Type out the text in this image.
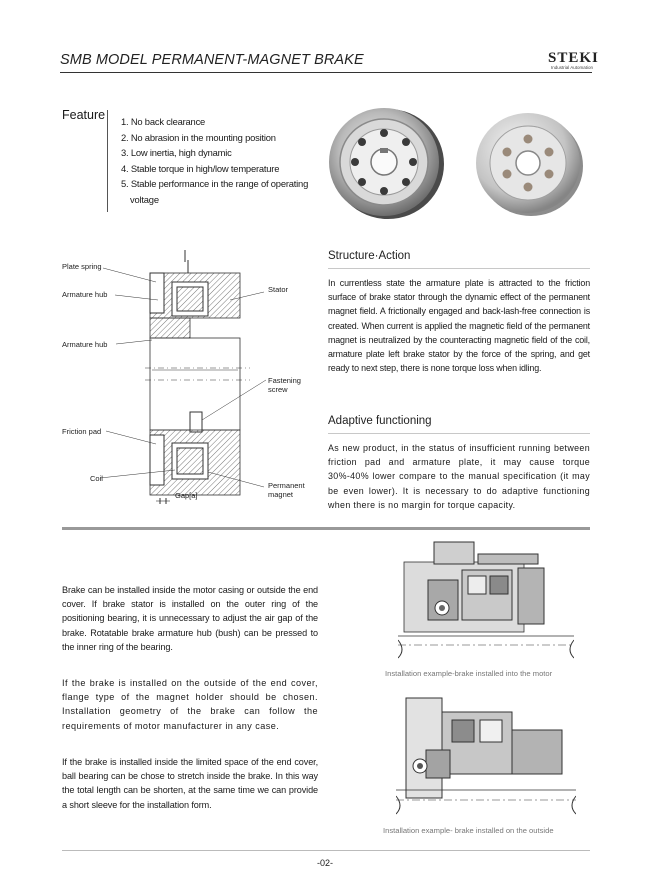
SMB MODEL PERMANENT-MAGNET BRAKE	STEKI
Industrial Automation
Feature 1. No back clearance
2. No abrasion in the mounting position
3. Low inertia, high dynamic
4. Stable torque in high/low temperature
5. Stable performance in the range of operating
voltage
Structure·Action
In currentless state the armature plate is attracted to the friction surface of brake stator through the dynamic effect of the permanent magnet field. A frictionally engaged and back-lash-free connection is created. When current is applied the magnetic field of the permanent magnet is neutralized by the counteracting magnetic field of the coil, armature plate left brake stator by the force of the spring, and get ready to next step, there is none torque loss when idling.
Adaptive functioning
As new product, in the status of insufficient running between friction pad and armature plate, it may cause torque 30%-40% lower compare to the manual specification (it may be even lower). It is necessary to do adaptive functioning when there is no margin for torque capacity.
Plate spring
Armature hub
Armature hub
Friction pad
Coil
Stator
Fastening
screw
Permanent
magnet
Gap[a]
Brake can be installed inside the motor casing or outside the end cover. If brake stator is installed on the outer ring of the positioning bearing, it is unnecessary to adjust the air gap of the brake. Rotatable brake armature hub (bush) can be pressed to the inner ring of the bearing.
If the brake is installed on the outside of the end cover, flange type of the magnet holder should be chosen. Installation geometry of the brake can follow the requirements of motor manufacturer in any case.
If the brake is installed inside the limited space of the end cover, ball bearing can be chose to stretch inside the brake. In this way the total length can be shorten, at the same time we can provide a short sleeve for the installation form.
Installation example-brake installed into the motor
Installation example- brake installed on the outside
-02-
